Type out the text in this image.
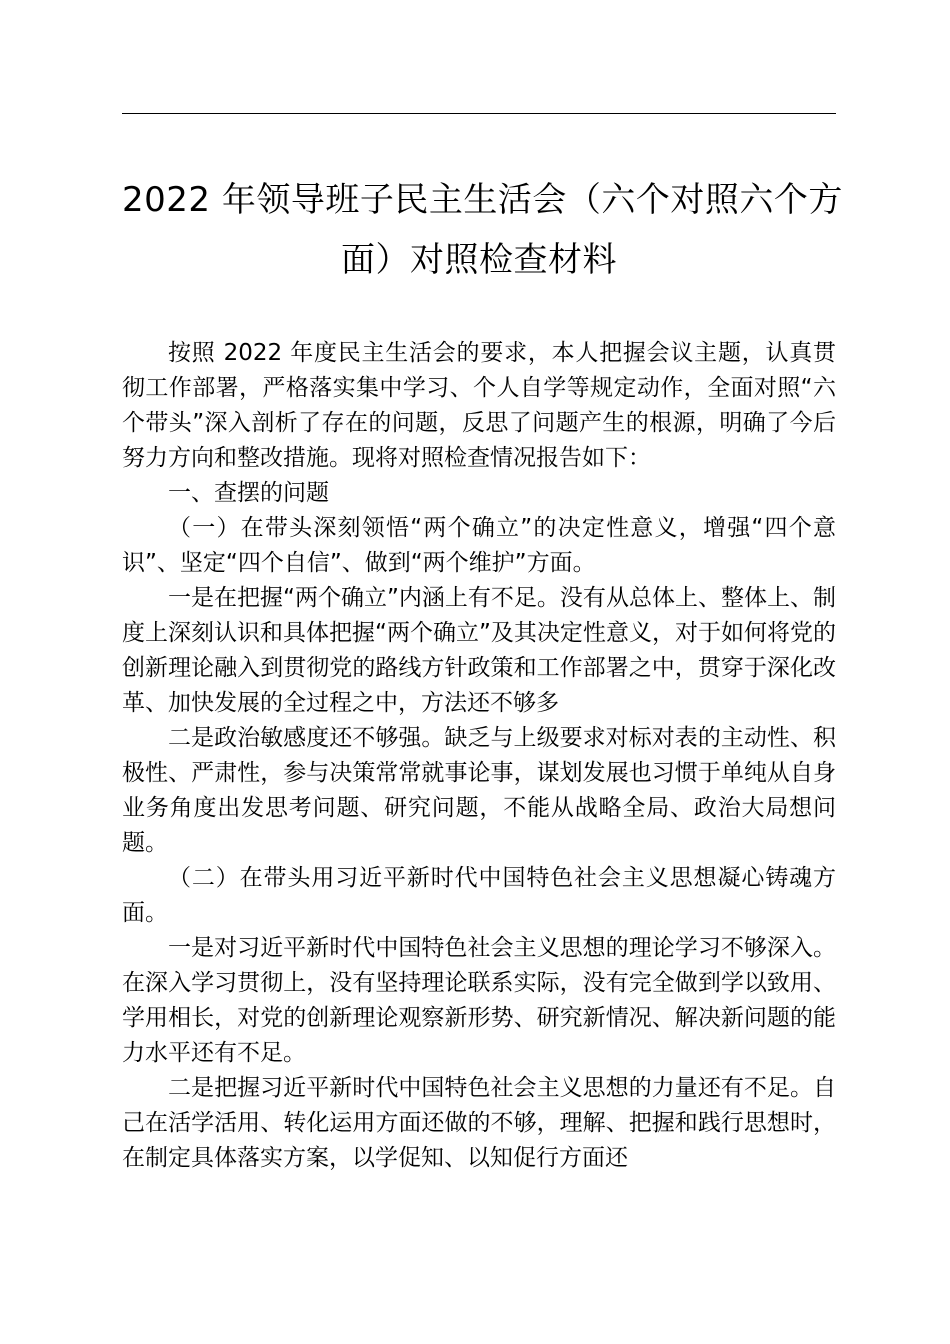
2022 年领导班子民主生活会（六个对照六个方
面）对照检查材料

按照 2022 年度民主生活会的要求，本人把握会议主题，认真贯彻工作部署，严格落实集中学习、个人自学等规定动作，全面对照“六个带头”深入剖析了存在的问题，反思了问题产生的根源，明确了今后努力方向和整改措施。现将对照检查情况报告如下：

一、查摆的问题

（一）在带头深刻领悟“两个确立”的决定性意义，增强“四个意识”、坚定“四个自信”、做到“两个维护”方面。

一是在把握“两个确立”内涵上有不足。没有从总体上、整体上、制度上深刻认识和具体把握“两个确立”及其决定性意义，对于如何将党的创新理论融入到贯彻党的路线方针政策和工作部署之中，贯穿于深化改革、加快发展的全过程之中，方法还不够多

二是政治敏感度还不够强。缺乏与上级要求对标对表的主动性、积极性、严肃性，参与决策常常就事论事，谋划发展也习惯于单纯从自身业务角度出发思考问题、研究问题，不能从战略全局、政治大局想问题。

（二）在带头用习近平新时代中国特色社会主义思想凝心铸魂方面。

一是对习近平新时代中国特色社会主义思想的理论学习不够深入。在深入学习贯彻上，没有坚持理论联系实际，没有完全做到学以致用、学用相长，对党的创新理论观察新形势、研究新情况、解决新问题的能力水平还有不足。

二是把握习近平新时代中国特色社会主义思想的力量还有不足。自己在活学活用、转化运用方面还做的不够，理解、把握和践行思想时，在制定具体落实方案，以学促知、以知促行方面还
